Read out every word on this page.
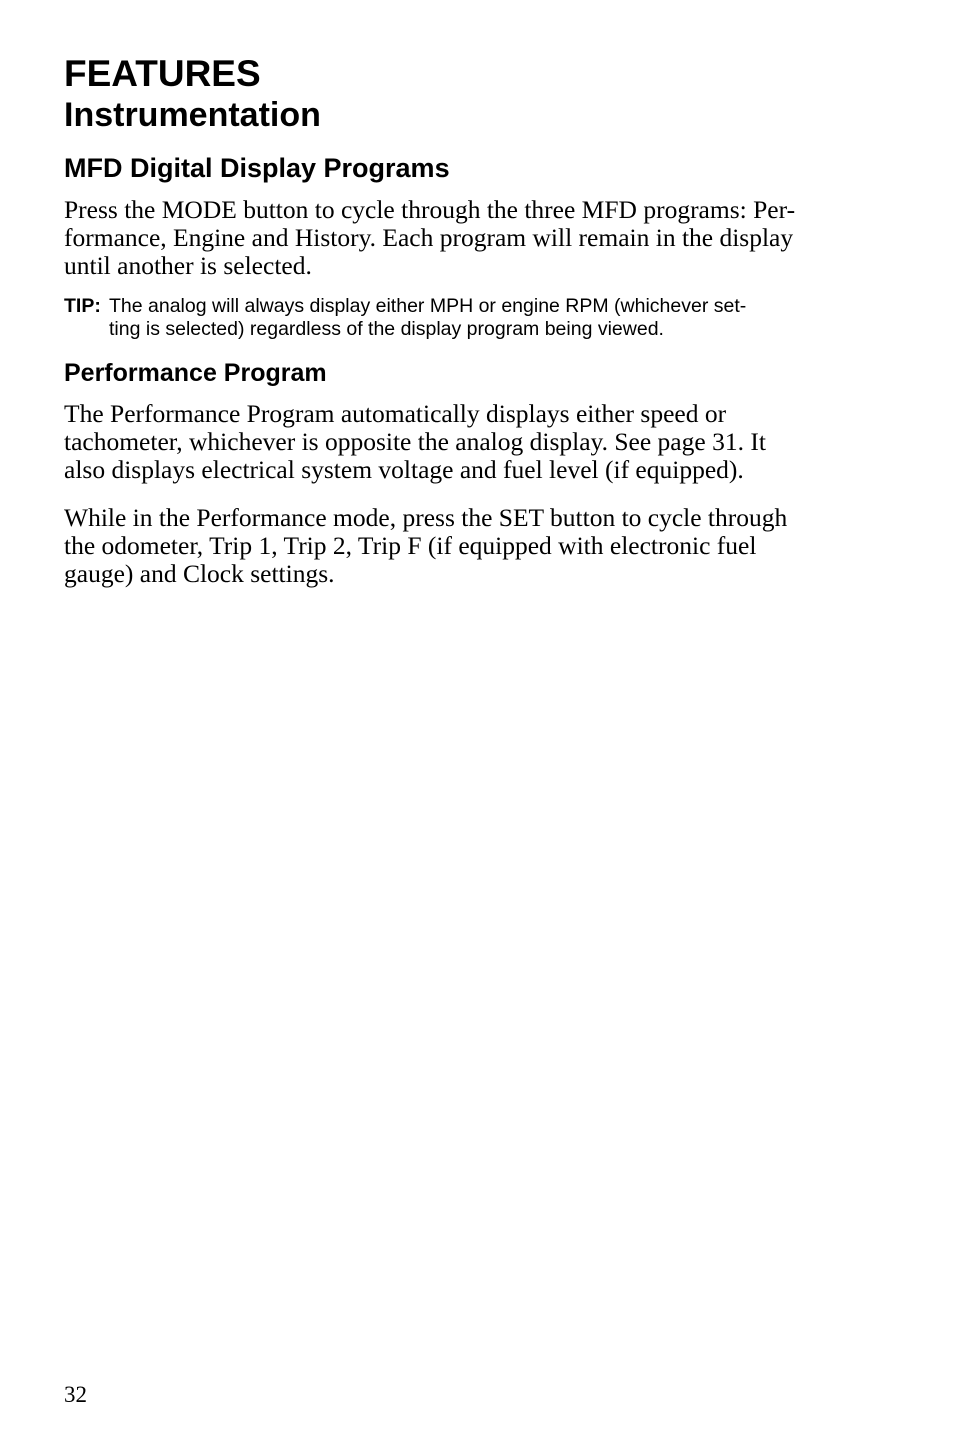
FEATURES
Instrumentation
MFD Digital Display Programs

Press the MODE button to cycle through the three MFD programs: Per-

formance, Engine and History. Each program will remain in the display

until another is selected.

TIP: The analog will always display either MPH or engine RPM (whichever set-

ting is selected) regardless of the display program being viewed.

Performance Program

The Performance Program automatically displays either speed or

tachometer, whichever is opposite the analog display. See page 31. It

also displays electrical system voltage and fuel level (if equipped).

While in the Performance mode, press the SET button to cycle through

the odometer, Trip 1, Trip 2, Trip F (if equipped with electronic fuel

gauge) and Clock settings.

32
